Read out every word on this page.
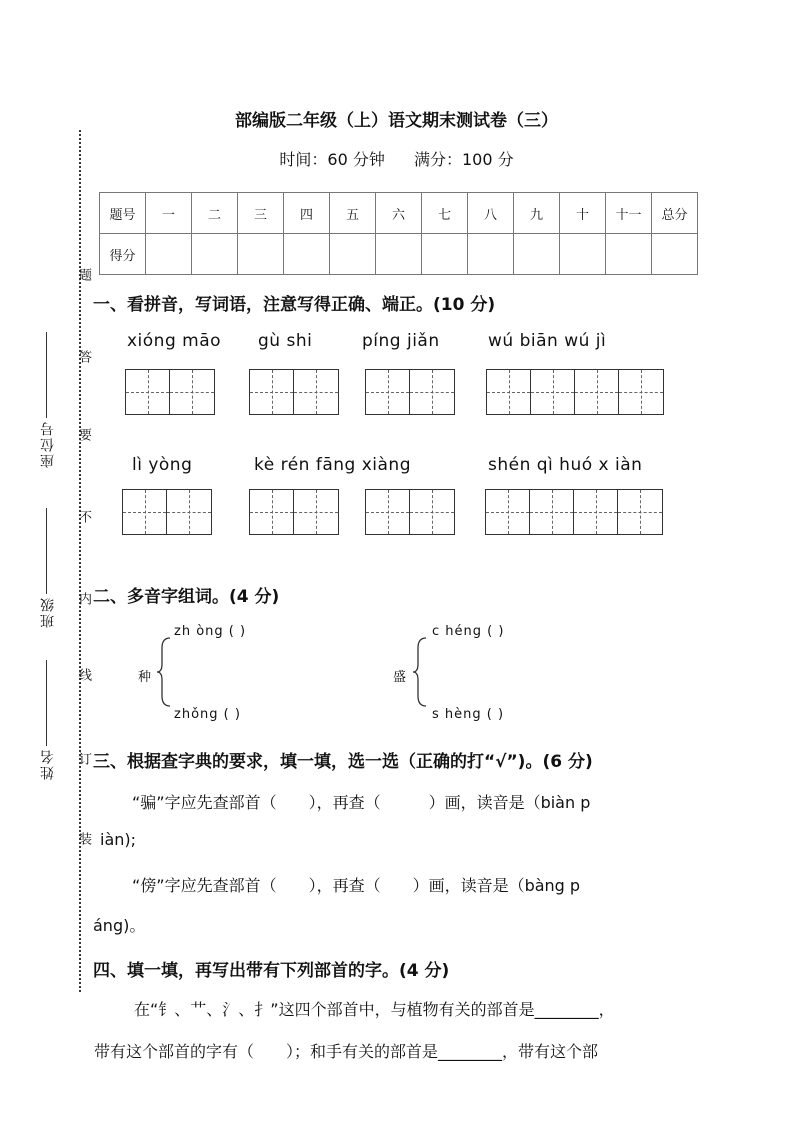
部编版二年级（上）语文期末测试卷（三）
时间：60 分钟 满分：100 分
题号	一	二	三	四	五	六	七	八	九	十	十一	总分
得分												
题
答
要
不
内
线
订
装
座位号
班级
姓名
一、看拼音，写词语，注意写得正确、端正。(10 分)
xióng māo gù shi	píng jiǎn	wú biān wú jì
lì yòng	kè rén fāng xiàng	shén qì huó x iàn
二、多音字组词。(4 分)
zh òng ( )
种
zhǒng ( )
c héng ( )
盛
s hèng ( )
三、根据查字典的要求，填一填，选一选（正确的打“√”)。(6 分)
“骗”字应先查部首（　　），再查（　　　）画，读音是（biàn p
iàn);
“傍”字应先查部首（　　），再查（　　）画，读音是（bàng p
áng)。
四、填一填，再写出带有下列部首的字。(4 分)
在“钅、艹、氵、扌”这四个部首中，与植物有关的部首是________，
带有这个部首的字有（　　）；和手有关的部首是________，带有这个部
